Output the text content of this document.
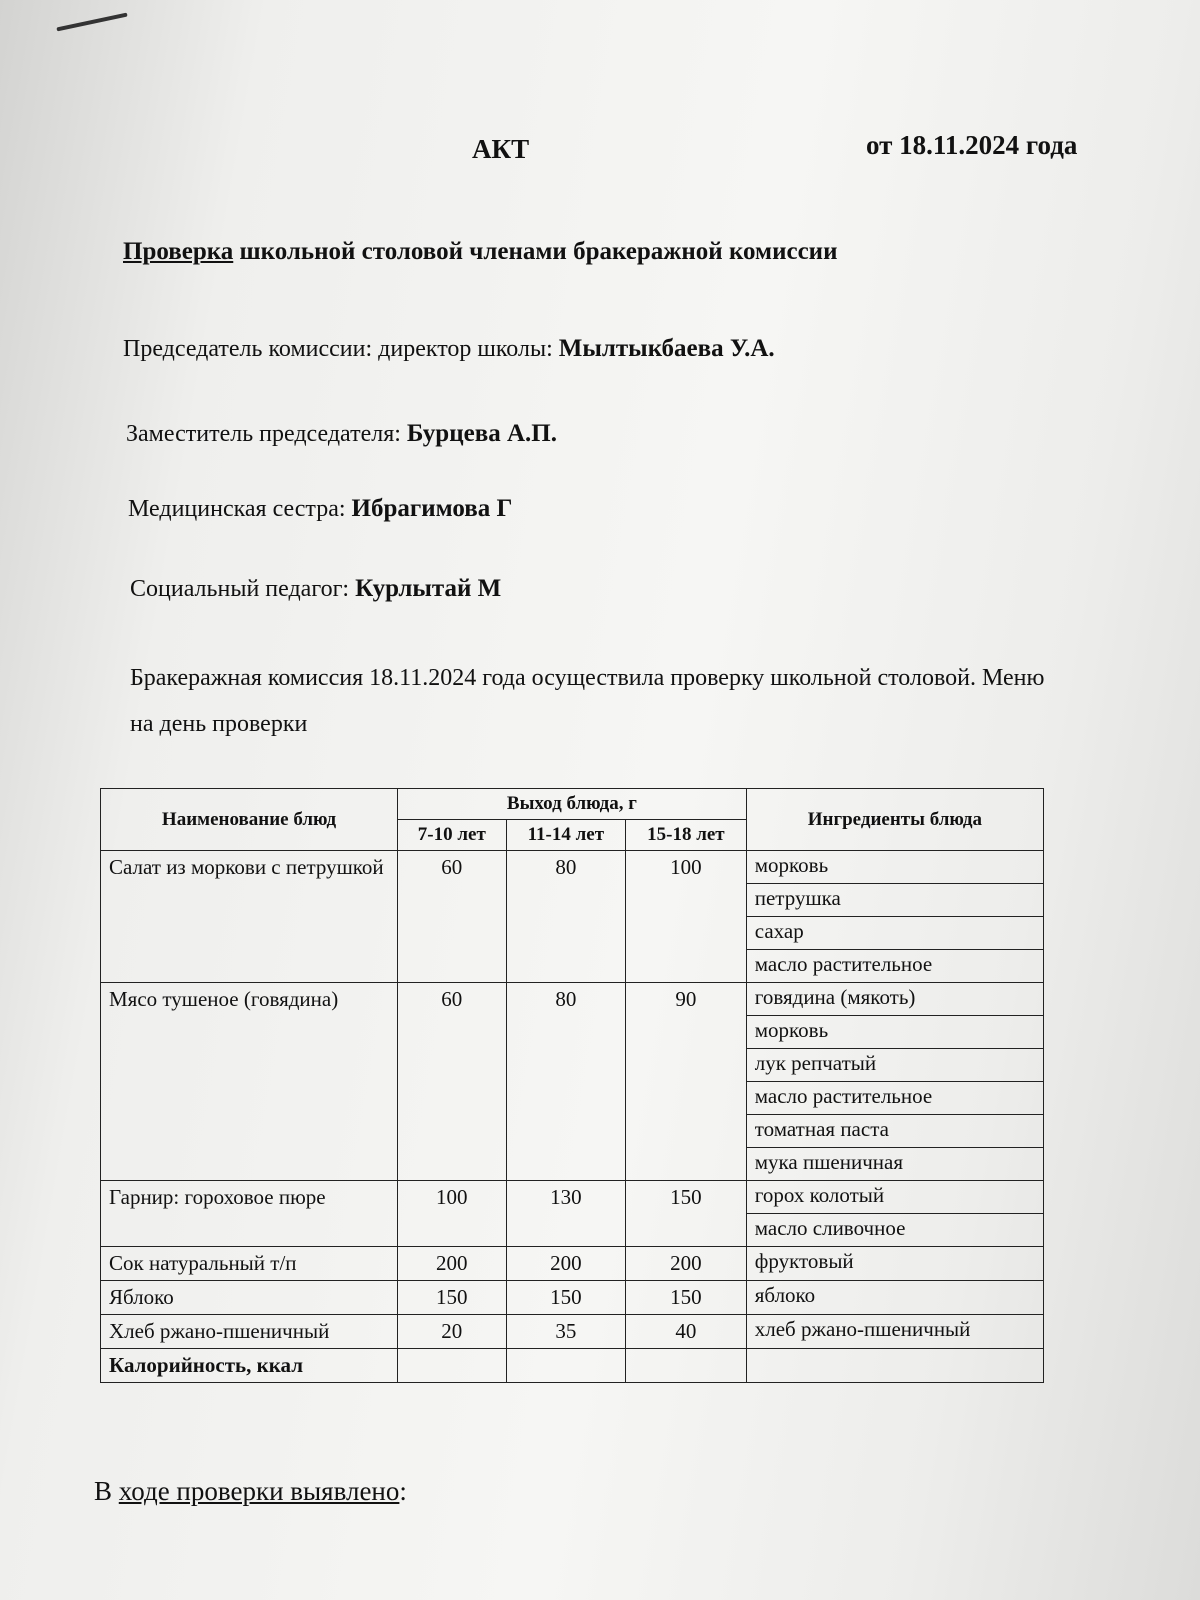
АКТ	от 18.11.2024 года
Проверка школьной столовой членами бракеражной комиссии
Председатель комиссии: директор школы: Мылтыкбаева У.А.
Заместитель председателя: Бурцева А.П.
Медицинская сестра: Ибрагимова Г
Социальный педагог: Курлытай М
Бракеражная комиссия 18.11.2024 года осуществила проверку школьной столовой. Меню на день проверки
Наименование блюд	Выход блюда, г			Ингредиенты блюда
	7-10 лет	11-14 лет	15-18 лет	
Салат из моркови с петрушкой	60	80	100	морковь
				петрушка
				сахар
				масло растительное
Мясо тушеное (говядина)	60	80	90	говядина (мякоть)
				морковь
				лук репчатый
				масло растительное
				томатная паста
				мука пшеничная
Гарнир: гороховое пюре	100	130	150	горох колотый
				масло сливочное
Сок натуральный т/п	200	200	200	фруктовый
Яблоко	150	150	150	яблоко
Хлеб ржано-пшеничный	20	35	40	хлеб ржано-пшеничный
Калорийность, ккал				
В ходе проверки выявлено:
